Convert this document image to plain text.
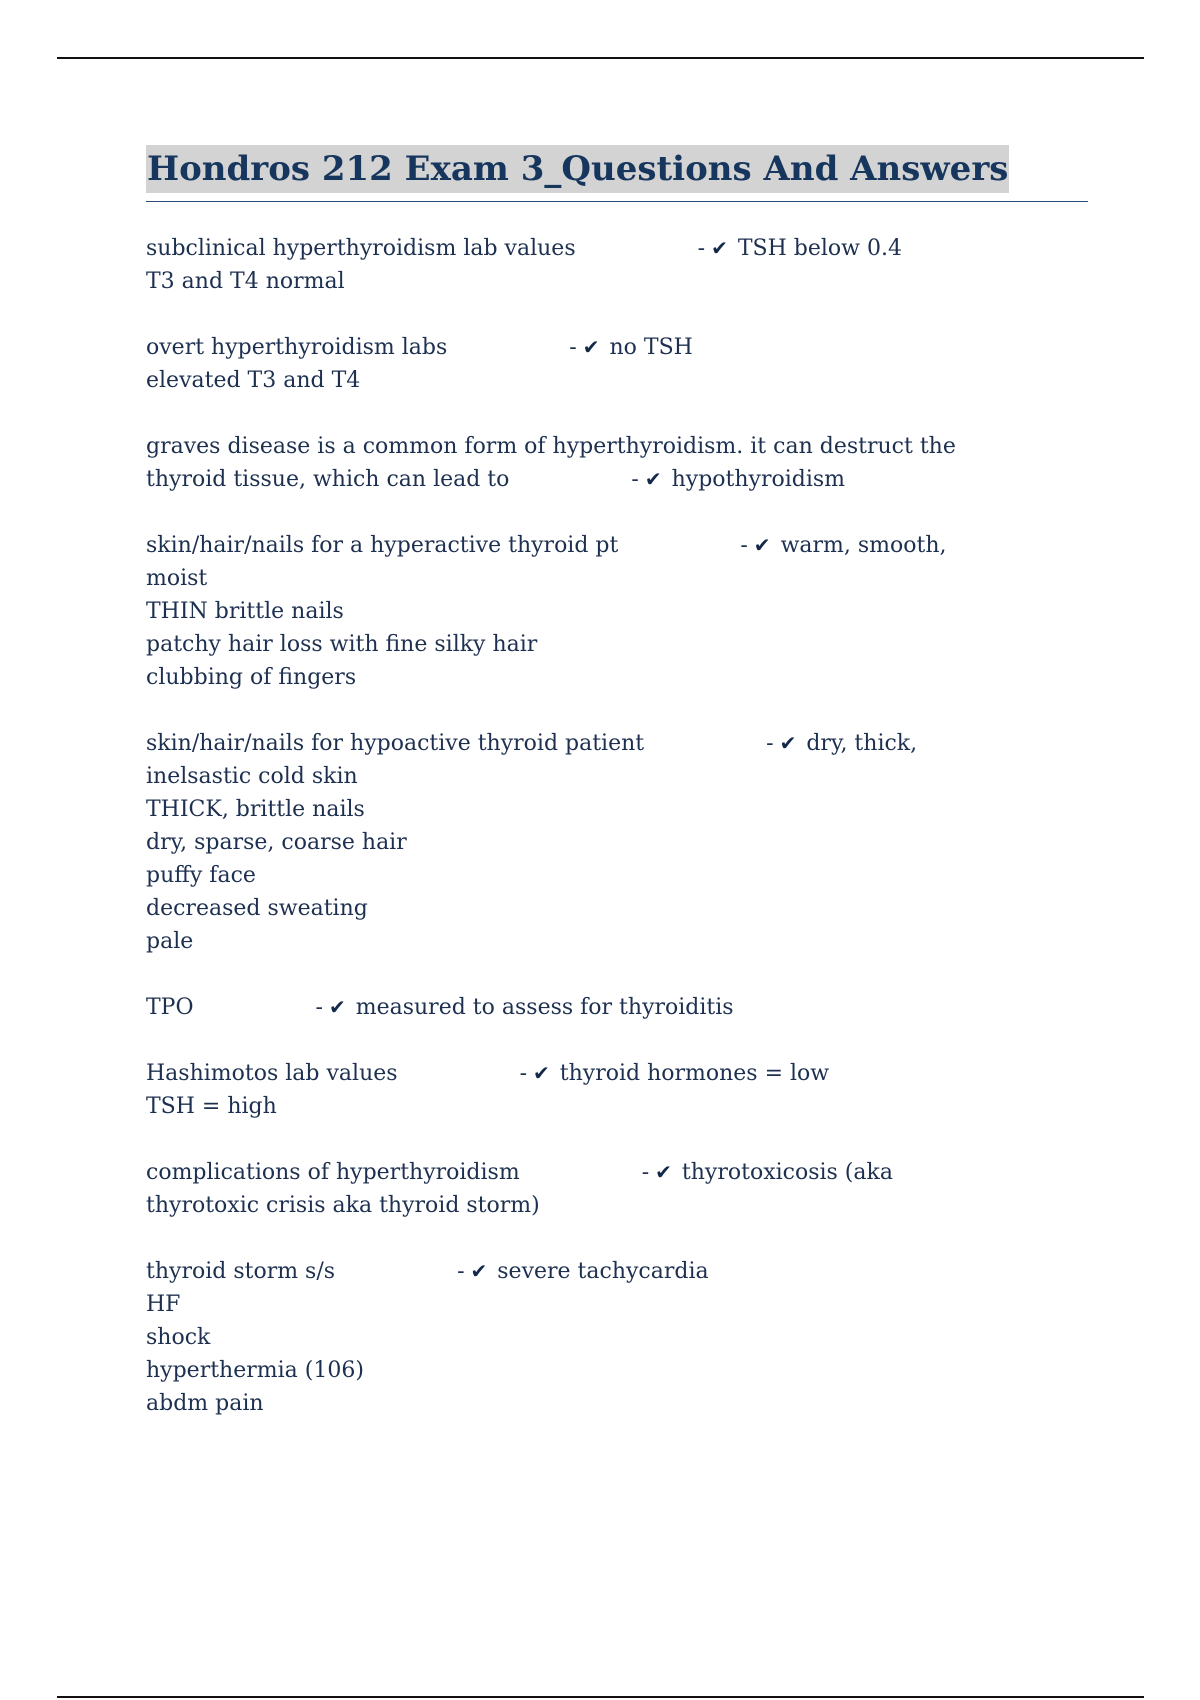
Hondros 212 Exam 3_Questions And Answers
subclinical hyperthyroidism lab values	- ✔ TSH below 0.4
T3 and T4 normal
overt hyperthyroidism labs	- ✔ no TSH
elevated T3 and T4
graves disease is a common form of hyperthyroidism. it can destruct the
thyroid tissue, which can lead to	- ✔ hypothyroidism
skin/hair/nails for a hyperactive thyroid pt	- ✔ warm, smooth,
moist
THIN brittle nails
patchy hair loss with fine silky hair
clubbing of fingers
skin/hair/nails for hypoactive thyroid patient	- ✔ dry, thick,
inelsastic cold skin
THICK, brittle nails
dry, sparse, coarse hair
puffy face
decreased sweating
pale
TPO	- ✔ measured to assess for thyroiditis
Hashimotos lab values	- ✔ thyroid hormones = low
TSH = high
complications of hyperthyroidism	- ✔ thyrotoxicosis (aka
thyrotoxic crisis aka thyroid storm)
thyroid storm s/s	- ✔ severe tachycardia
HF
shock
hyperthermia (106)
abdm pain
